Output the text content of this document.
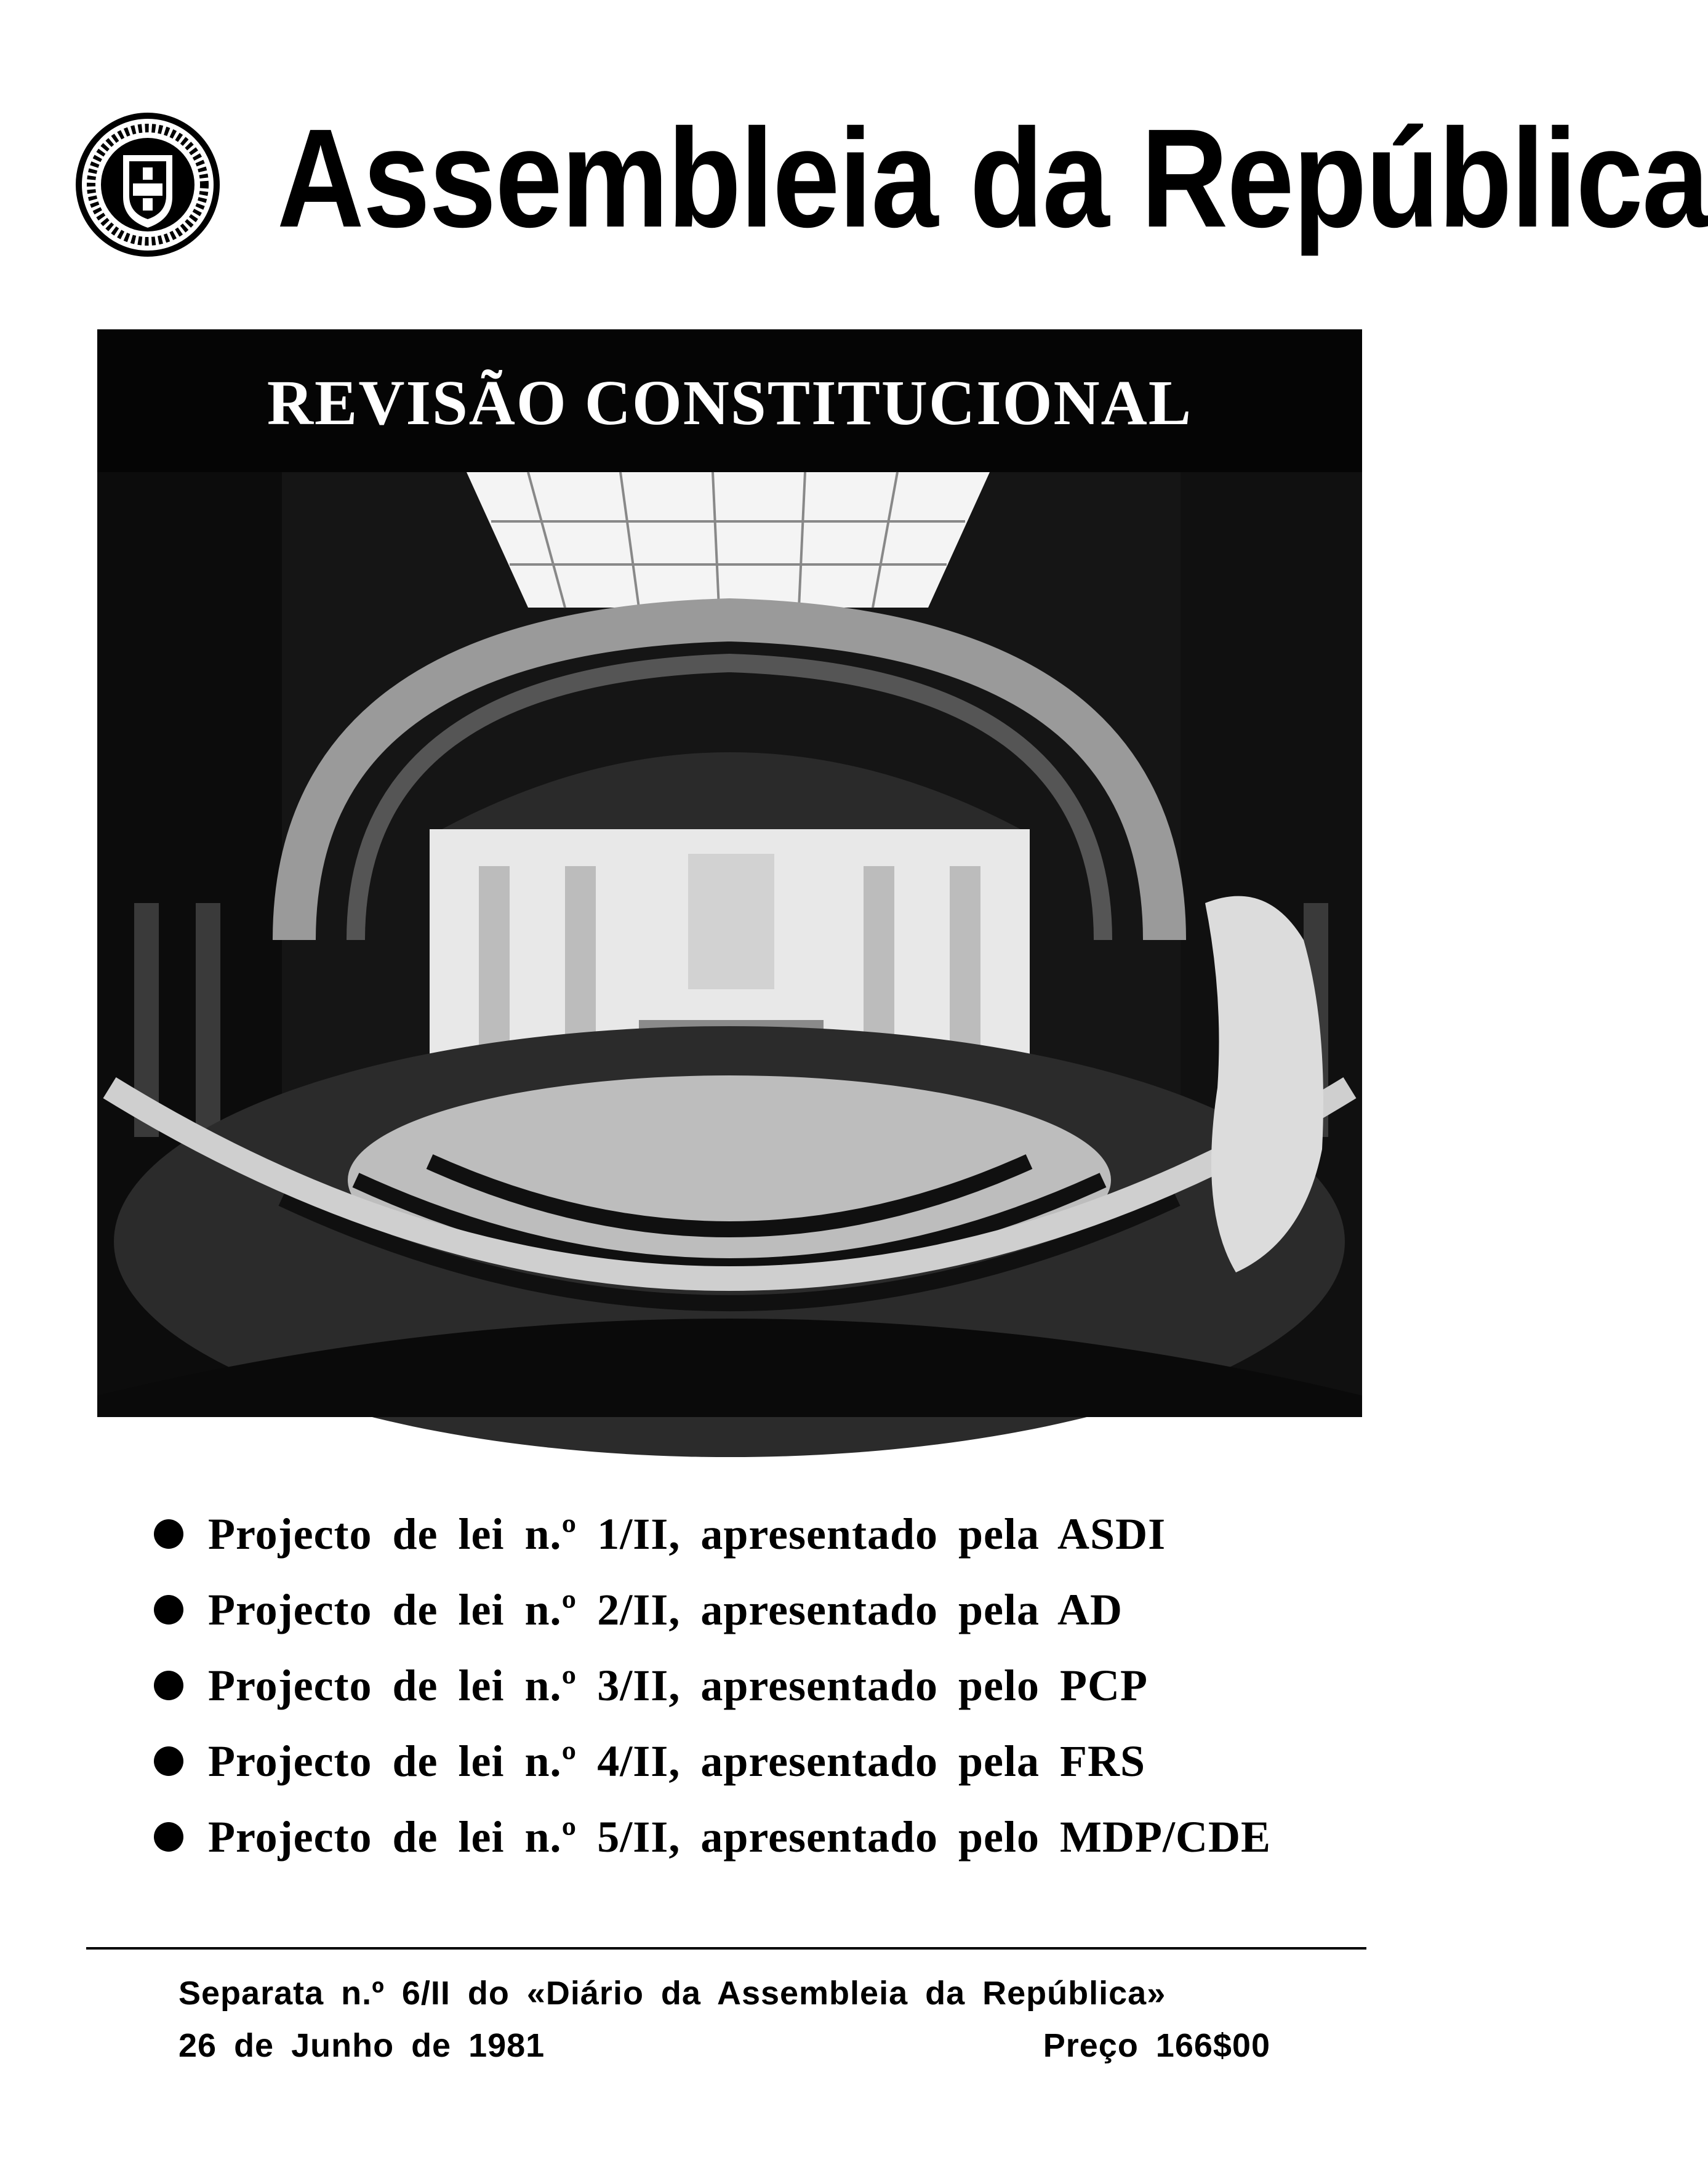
Assembleia da República
REVISÃO CONSTITUCIONAL
Projecto de lei n.º 1/II, apresentado pela ASDI
Projecto de lei n.º 2/II, apresentado pela AD
Projecto de lei n.º 3/II, apresentado pelo PCP
Projecto de lei n.º 4/II, apresentado pela FRS
Projecto de lei n.º 5/II, apresentado pelo MDP/CDE
Separata n.º 6/II do «Diário da Assembleia da República»
26 de Junho de 1981	Preço 166$00
